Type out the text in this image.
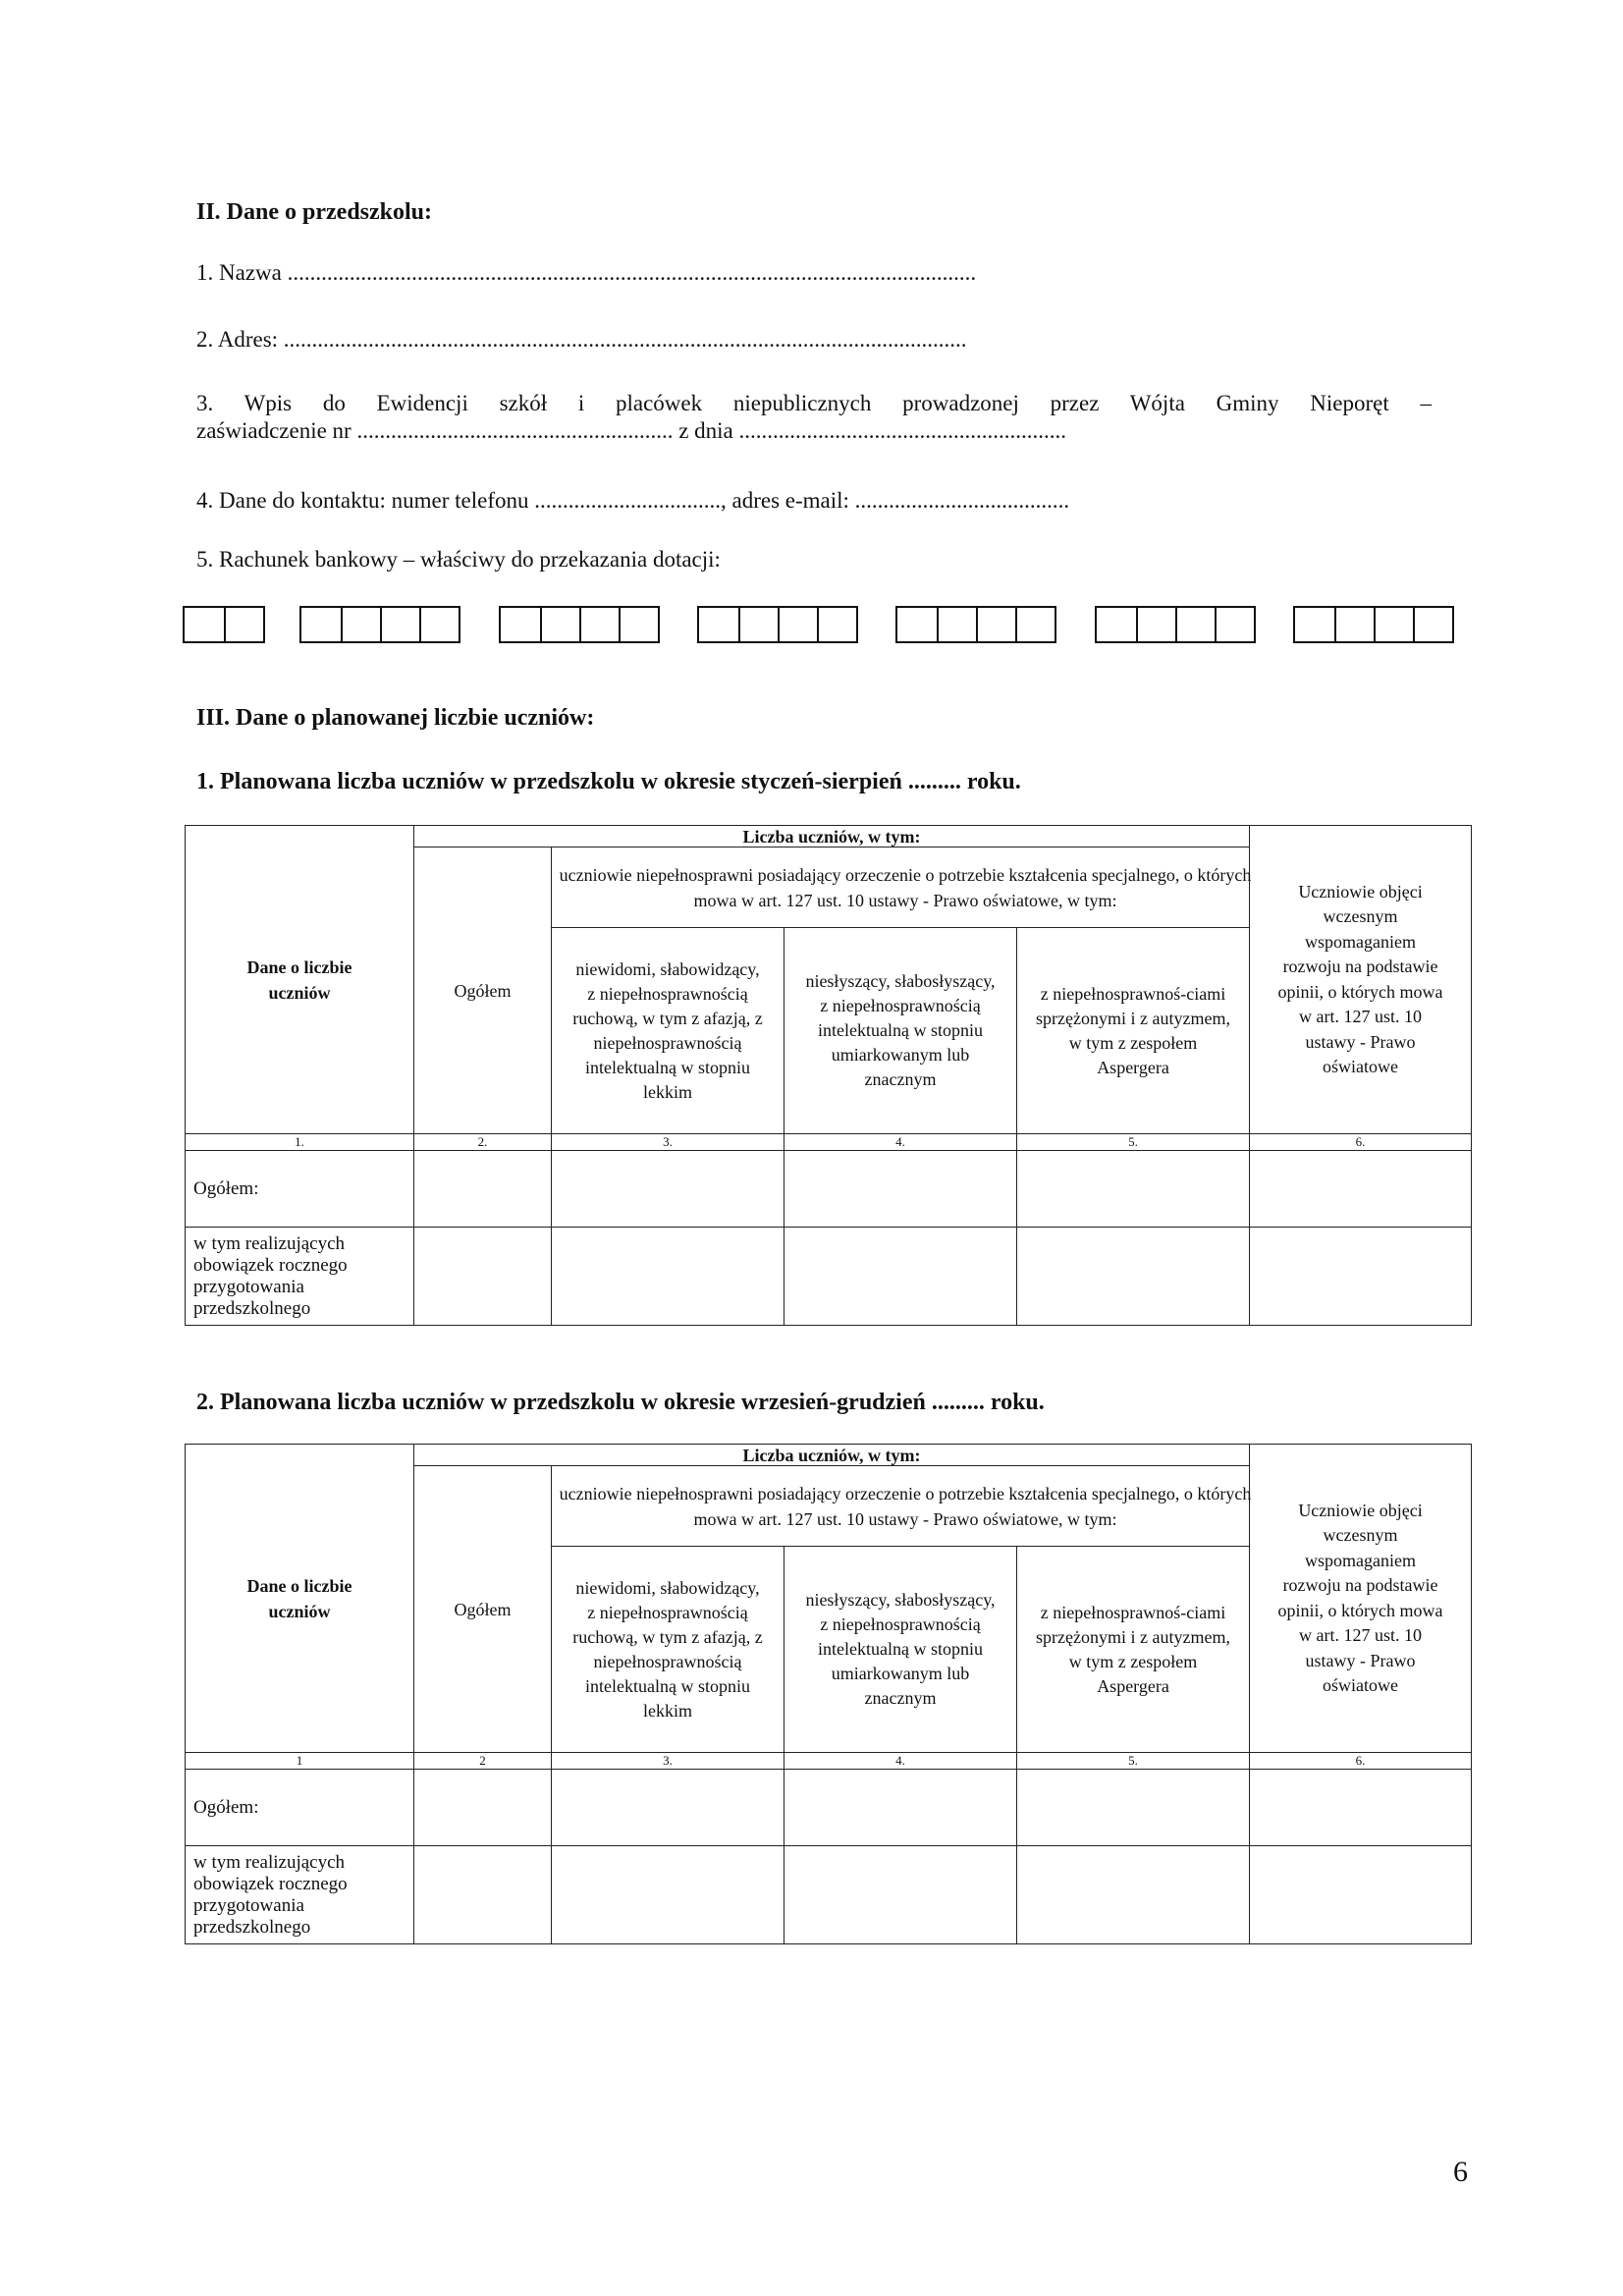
II. Dane o przedszkolu:
1. Nazwa ..........................................................................................................................
2. Adres: .........................................................................................................................
3. Wpis do Ewidencji szkół i placówek niepublicznych prowadzonej przez Wójta Gminy Nieporęt –
zaświadczenie nr ........................................................ z dnia ..........................................................
4. Dane do kontaktu: numer telefonu ................................., adres e-mail: ......................................
5. Rachunek bankowy – właściwy do przekazania dotacji:
III. Dane o planowanej liczbie uczniów:
1. Planowana liczba uczniów w przedszkolu w okresie styczeń-sierpień ......... roku.
Dane o liczbie uczniów	Liczba uczniów, w tym:				Uczniowie objęci wczesnym wspomaganiem rozwoju na podstawie opinii, o których mowa w art. 127 ust. 10 ustawy - Prawo oświatowe

	Ogółem	uczniowie niepełnosprawni posiadający orzeczenie o potrzebie kształcenia specjalnego, o których mowa w art. 127 ust. 10 ustawy - Prawo oświatowe, w tym:			

		niewidomi, słabowidzący, z niepełnosprawnością ruchową, w tym z afazją, z niepełnosprawnością intelektualną w stopniu lekkim	niesłyszący, słabosłyszący, z niepełnosprawnością intelektualną w stopniu umiarkowanym lub znacznym	z niepełnosprawnoś-ciami sprzężonymi i z autyzmem, w tym z zespołem Aspergera	

1.	2.	3.	4.	5.	6.
Ogółem:					

w tym realizujących obowiązek rocznego przygotowania przedszkolnego					

2. Planowana liczba uczniów w przedszkolu w okresie wrzesień-grudzień ......... roku.
Dane o liczbie uczniów	Liczba uczniów, w tym:				Uczniowie objęci wczesnym wspomaganiem rozwoju na podstawie opinii, o których mowa w art. 127 ust. 10 ustawy - Prawo oświatowe

	Ogółem	uczniowie niepełnosprawni posiadający orzeczenie o potrzebie kształcenia specjalnego, o których mowa w art. 127 ust. 10 ustawy - Prawo oświatowe, w tym:			

		niewidomi, słabowidzący, z niepełnosprawnością ruchową, w tym z afazją, z niepełnosprawnością intelektualną w stopniu lekkim	niesłyszący, słabosłyszący, z niepełnosprawnością intelektualną w stopniu umiarkowanym lub znacznym	z niepełnosprawnoś-ciami sprzężonymi i z autyzmem, w tym z zespołem Aspergera	

1	2	3.	4.	5.	6.
Ogółem:					

w tym realizujących obowiązek rocznego przygotowania przedszkolnego					

6
